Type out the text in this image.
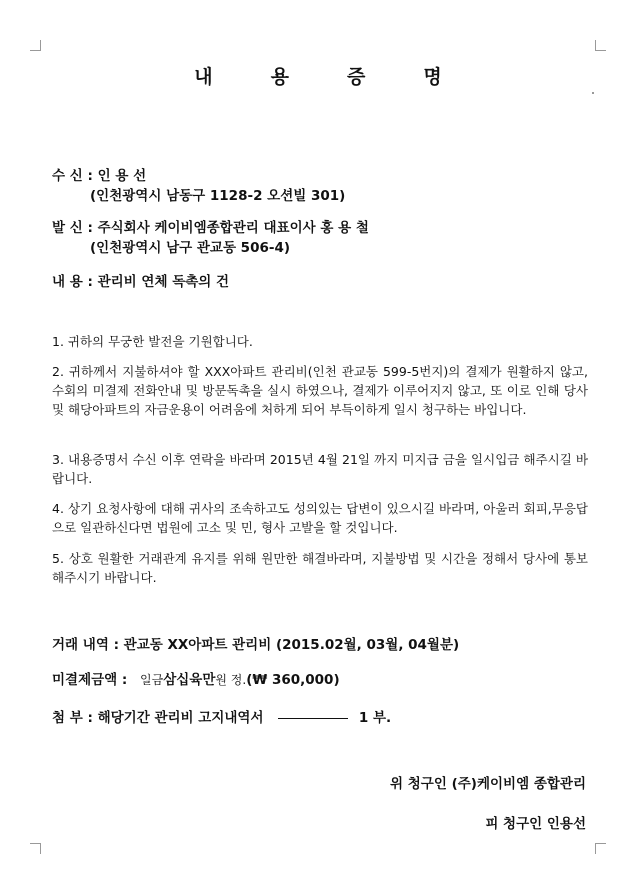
내용증명
수 신 : 인 용 선
(인천광역시 남동구 1128-2 오션빌 301)
발 신 : 주식회사 케이비엠종합관리 대표이사 홍 용 철
(인천광역시 남구 관교동 506-4)
내 용 : 관리비 연체 독촉의 건
1. 귀하의 무궁한 발전을 기원합니다.
2. 귀하께서 지불하셔야 할 XXX아파트 관리비(인천 관교동 599-5번지)의 결제가 원활하지 않고, 수회의 미결제 전화안내 및 방문독촉을 실시 하였으나, 결제가 이루어지지 않고, 또 이로 인해 당사 및 해당아파트의 자금운용이 어려움에 처하게 되어 부득이하게 일시 청구하는 바입니다.
3. 내용증명서 수신 이후 연락을 바라며 2015년 4월 21일 까지 미지급 금을 일시입금 해주시길 바랍니다.
4. 상기 요청사항에 대해 귀사의 조속하고도 성의있는 답변이 있으시길 바라며, 아울러 회피,무응답으로 일관하신다면 법원에 고소 및 민, 형사 고발을 할 것입니다.
5. 상호 원활한 거래관계 유지를 위해 원만한 해결바라며, 지불방법 및 시간을 정해서 당사에 통보해주시기 바랍니다.
거래 내역 : 관교동 XX아파트 관리비 (2015.02월, 03월, 04월분)
미결제금액 : 일금삼십육만원 정.(₩ 360,000)
첨 부 : 해당기간 관리비 고지내역서	1 부.
위 청구인 (주)케이비엠 종합관리
피 청구인 인용선
